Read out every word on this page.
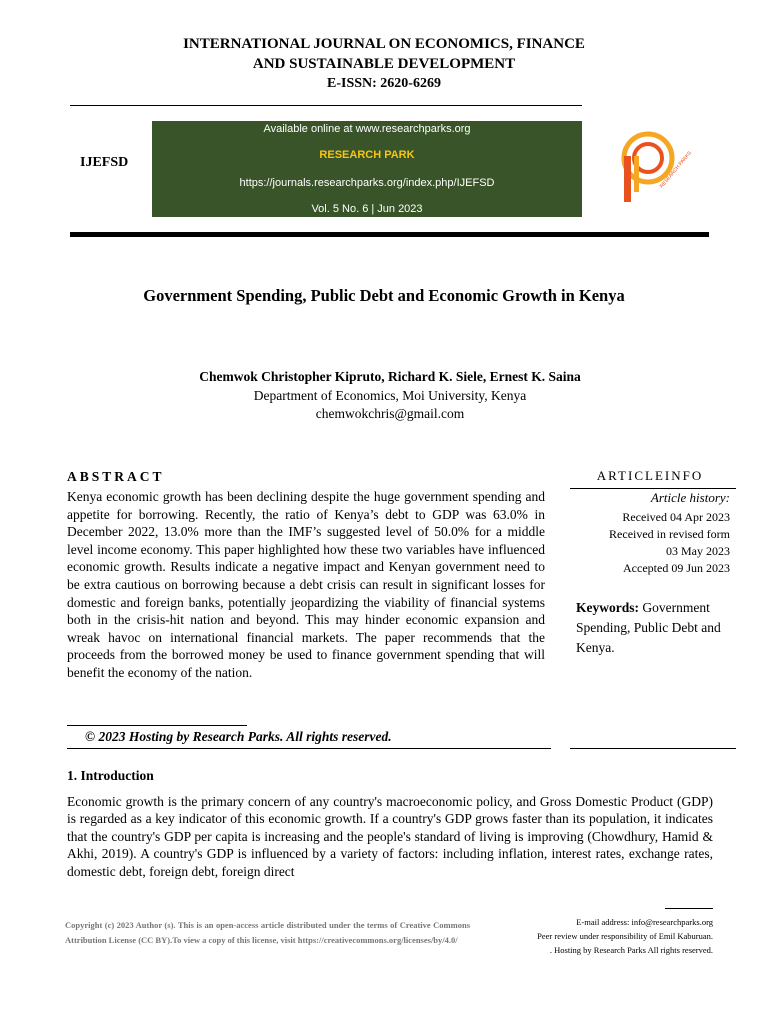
INTERNATIONAL JOURNAL ON ECONOMICS, FINANCE
AND SUSTAINABLE DEVELOPMENT
E-ISSN: 2620-6269
IJEFSD
Available online at www.researchparks.org
RESEARCH PARK
https://journals.researchparks.org/index.php/IJEFSD
Vol. 5 No. 6 | Jun 2023
RESEARCH PARKS
Government Spending, Public Debt and Economic Growth in Kenya
Chemwok Christopher Kipruto, Richard K. Siele, Ernest K. Saina
Department of Economics, Moi University, Kenya
chemwokchris@gmail.com
ABSTRACT
Kenya economic growth has been declining despite the huge government spending and appetite for borrowing. Recently, the ratio of Kenya’s debt to GDP was 63.0% in December 2022, 13.0% more than the IMF’s suggested level of 50.0% for a middle level income economy. This paper highlighted how these two variables have influenced economic growth. Results indicate a negative impact and Kenyan government need to be extra cautious on borrowing because a debt crisis can result in significant losses for domestic and foreign banks, potentially jeopardizing the viability of financial systems both in the crisis-hit nation and beyond. This may hinder economic expansion and wreak havoc on international financial markets. The paper recommends that the proceeds from the borrowed money be used to finance government spending that will benefit the economy of the nation.
ARTICLEINFO
Article history:
Received 04 Apr 2023
Received in revised form
03 May 2023
Accepted 09 Jun 2023
Keywords: Government Spending, Public Debt and Kenya.
© 2023 Hosting by Research Parks. All rights reserved.
1. Introduction
Economic growth is the primary concern of any country's macroeconomic policy, and Gross Domestic Product (GDP) is regarded as a key indicator of this economic growth. If a country's GDP grows faster than its population, it indicates that the country's GDP per capita is increasing and the people's standard of living is improving (Chowdhury, Hamid & Akhi, 2019). A country's GDP is influenced by a variety of factors: including inflation, interest rates, exchange rates, domestic debt, foreign debt, foreign direct
Copyright (c) 2023 Author (s). This is an open-access article distributed under the terms of Creative Commons Attribution License (CC BY).To view a copy of this license, visit https://creativecommons.org/licenses/by/4.0/
E-mail address: info@researchparks.org
Peer review under responsibility of Emil Kaburuan.
. Hosting by Research Parks All rights reserved.
